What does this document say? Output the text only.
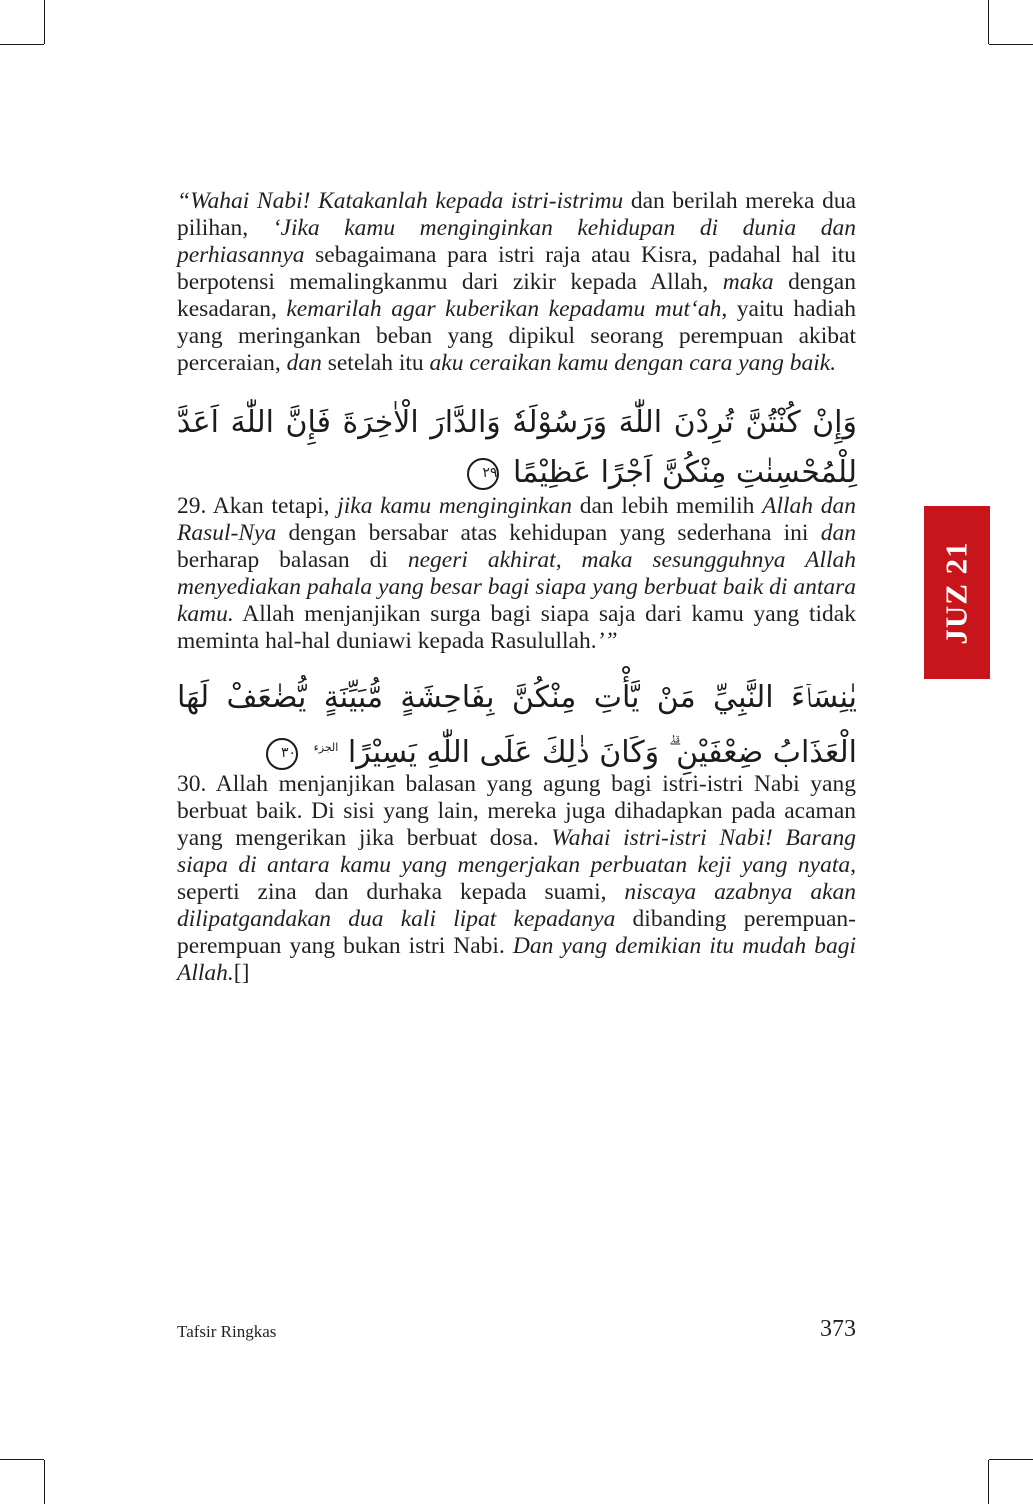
“Wahai Nabi! Katakanlah kepada istri-istrimu dan berilah mereka dua pilihan, ‘Jika kamu menginginkan kehidupan di dunia dan perhiasannya sebagaimana para istri raja atau Kisra, padahal hal itu berpotensi memalingkanmu dari zikir kepada Allah, maka dengan kesadaran, kemarilah agar kuberikan kepadamu mut‘ah, yaitu hadiah yang meringankan beban yang dipikul seorang perempuan akibat perceraian, dan setelah itu aku ceraikan kamu dengan cara yang baik.

وَإِنْ كُنْتُنَّ تُرِدْنَ اللّٰهَ وَرَسُوْلَهٗ وَالدَّارَ الْاٰخِرَةَ فَإِنَّ اللّٰهَ اَعَدَّ لِلْمُحْسِنٰتِ مِنْكُنَّ اَجْرًا عَظِيْمًا ٢٩

29. Akan tetapi, jika kamu menginginkan dan lebih memilih Allah dan Rasul-Nya dengan bersabar atas kehidupan yang sederhana ini dan berharap balasan di negeri akhirat, maka sesungguhnya Allah menyediakan pahala yang besar bagi siapa yang berbuat baik di antara kamu. Allah menjanjikan surga bagi siapa saja dari kamu yang tidak meminta hal-hal duniawi kepada Rasulullah.’”

يٰنِسَاۤءَ النَّبِيِّ مَنْ يَّأْتِ مِنْكُنَّ بِفَاحِشَةٍ مُّبَيِّنَةٍ يُّضٰعَفْ لَهَا الْعَذَابُ ضِعْفَيْنِ ۗ وَكَانَ ذٰلِكَ عَلَى اللّٰهِ يَسِيْرًا $^{الجزء}$ ٣٠

30. Allah menjanjikan balasan yang agung bagi istri-istri Nabi yang berbuat baik. Di sisi yang lain, mereka juga dihadapkan pada acaman yang mengerikan jika berbuat dosa. Wahai istri-istri Nabi! Barang siapa di antara kamu yang mengerjakan perbuatan keji yang nyata, seperti zina dan durhaka kepada suami, niscaya azabnya akan dilipatgandakan dua kali lipat kepadanya dibanding perempuan-perempuan yang bukan istri Nabi. Dan yang demikian itu mudah bagi Allah.[]

JUZ 21
Tafsir Ringkas	373
